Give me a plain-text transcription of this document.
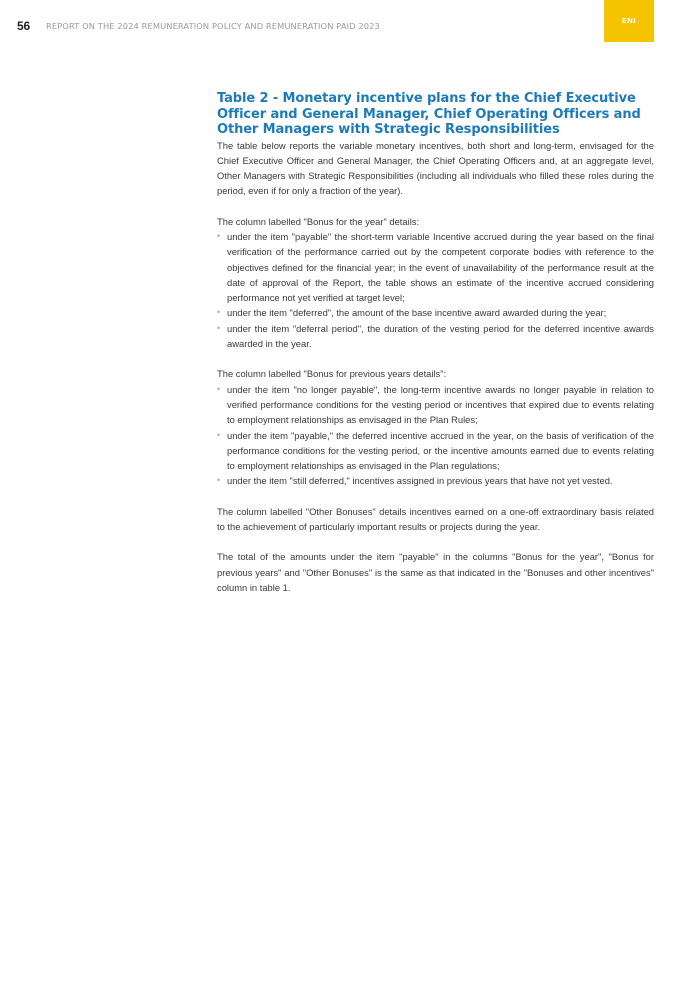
56 REPORT ON THE 2024 REMUNERATION POLICY AND REMUNERATION PAID 2023	ENI
Table 2 - Monetary incentive plans for the Chief Executive Officer and General Manager, Chief Operating Officers and Other Managers with Strategic Responsibilities

The table below reports the variable monetary incentives, both short and long-term, envisaged for the Chief Executive Officer and General Manager, the Chief Operating Officers and, at an aggregate level, Other Managers with Strategic Responsibilities (including all individuals who filled these roles during the period, even if for only a fraction of the year).

The column labelled "Bonus for the year" details:

• under the item "payable" the short-term variable Incentive accrued during the year based on the final verification of the performance carried out by the competent corporate bodies with reference to the objectives defined for the financial year; in the event of unavailability of the performance result at the date of approval of the Report, the table shows an estimate of the incentive accrued considering performance not yet verified at target level;
• under the item "deferred", the amount of the base incentive award awarded during the year;
• under the item "deferral period", the duration of the vesting period for the deferred incentive awards awarded in the year.

The column labelled "Bonus for previous years details":

• under the item "no longer payable", the long-term incentive awards no longer payable in relation to verified performance conditions for the vesting period or incentives that expired due to events relating to employment relationships as envisaged in the Plan Rules;
• under the item "payable," the deferred incentive accrued in the year, on the basis of verification of the performance conditions for the vesting period, or the incentive amounts earned due to events relating to employment relationships as envisaged in the Plan regulations;
• under the item "still deferred," incentives assigned in previous years that have not yet vested.

The column labelled "Other Bonuses" details incentives earned on a one-off extraordinary basis related to the achievement of particularly important results or projects during the year.

The total of the amounts under the item "payable" in the columns "Bonus for the year", "Bonus for previous years" and "Other Bonuses" is the same as that indicated in the "Bonuses and other incentives" column in table 1.
